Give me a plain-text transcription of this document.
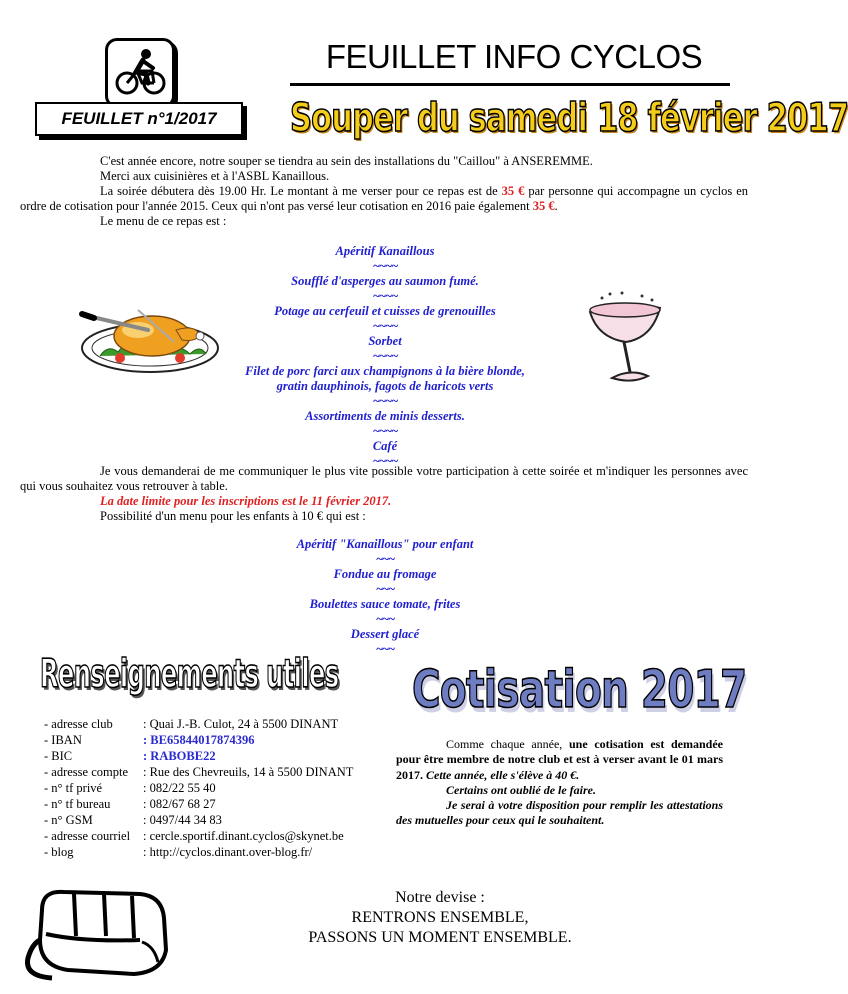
FEUILLET INFO CYCLOS
FEUILLET n°1/2017	Souper du samedi 18 février 2017
C'est année encore, notre souper se tiendra au sein des installations du "Caillou" à ANSEREMME.
Merci aux cuisinières et à l'ASBL Kanaillous.
La soirée débutera dès 19.00 Hr. Le montant à me verser pour ce repas est de 35 € par personne qui accompagne un cyclos en ordre de cotisation pour l'année 2015. Ceux qui n'ont pas versé leur cotisation en 2016 paie également 35 €.
Le menu de ce repas est :
Apéritif Kanaillous
~~~~
Soufflé d'asperges au saumon fumé.
~~~~
Potage au cerfeuil et cuisses de grenouilles
~~~~
Sorbet
~~~~
Filet de porc farci aux champignons à la bière blonde,
gratin dauphinois, fagots de haricots verts
~~~~
Assortiments de minis desserts.
~~~~
Café
~~~~
Je vous demanderai de me communiquer le plus vite possible votre participation à cette soirée et m'indiquer les personnes avec qui vous souhaitez vous retrouver à table.
La date limite pour les inscriptions est le 11 février 2017.
Possibilité d'un menu pour les enfants à 10 € qui est :
Apéritif "Kanaillous" pour enfant
~~~
Fondue au fromage
~~~
Boulettes sauce tomate, frites
~~~
Dessert glacé
~~~
Renseignements utiles Cotisation 2017
- adresse club : Quai J.-B. Culot, 24 à 5500 DINANT
- IBAN	: BE65844017874396
- BIC	: RABOBE22
- adresse compte : Rue des Chevreuils, 14 à 5500 DINANT
- n° tf privé	: 082/22 55 40
- n° tf bureau	: 082/67 68 27
- n° GSM	: 0497/44 34 83
- adresse courriel : cercle.sportif.dinant.cyclos@skynet.be
- blog	: http://cyclos.dinant.over-blog.fr/
Comme chaque année, une cotisation est demandée pour être membre de notre club et est à verser avant le 01 mars 2017. Cette année, elle s'élève à 40 €.
Certains ont oublié de le faire.
Je serai à votre disposition pour remplir les attestations des mutuelles pour ceux qui le souhaitent.
Notre devise :
RENTRONS ENSEMBLE,
PASSONS UN MOMENT ENSEMBLE.
